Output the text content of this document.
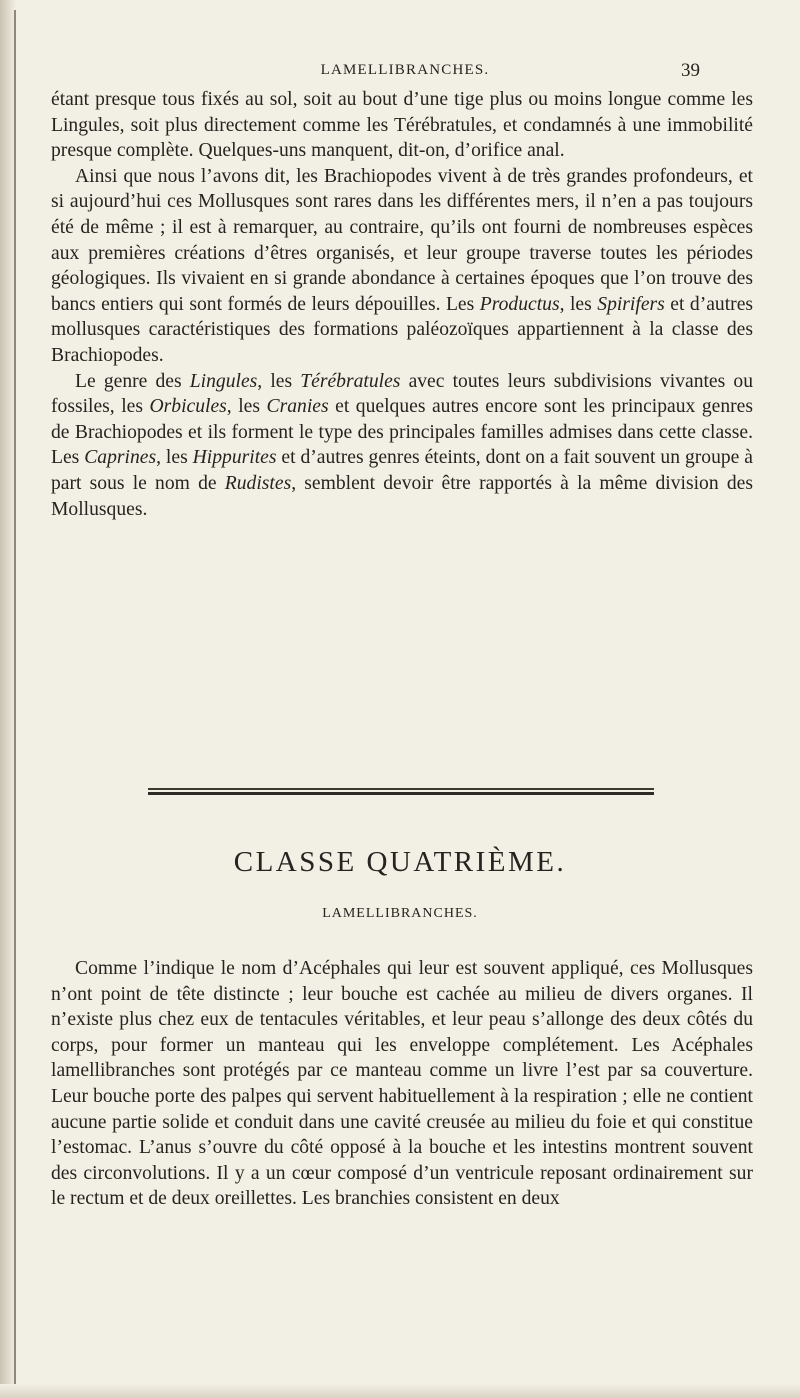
LAMELLIBRANCHES.	39

étant presque tous fixés au sol, soit au bout d’une tige plus ou moins longue comme les Lingules, soit plus directement comme les Térébratules, et condamnés à une immobilité presque complète. Quelques-uns manquent, dit-on, d’orifice anal.

Ainsi que nous l’avons dit, les Brachiopodes vivent à de très grandes profondeurs, et si aujourd’hui ces Mollusques sont rares dans les différentes mers, il n’en a pas toujours été de même ; il est à remarquer, au contraire, qu’ils ont fourni de nombreuses espèces aux premières créations d’êtres organisés, et leur groupe traverse toutes les périodes géologiques. Ils vivaient en si grande abondance à certaines époques que l’on trouve des bancs entiers qui sont formés de leurs dépouilles. Les Productus, les Spirifers et d’autres mollusques caractéristiques des formations paléozoïques appartiennent à la classe des Brachiopodes.

Le genre des Lingules, les Térébratules avec toutes leurs subdivisions vivantes ou fossiles, les Orbicules, les Cranies et quelques autres encore sont les principaux genres de Brachiopodes et ils forment le type des principales familles admises dans cette classe. Les Caprines, les Hippurites et d’autres genres éteints, dont on a fait souvent un groupe à part sous le nom de Rudistes, semblent devoir être rapportés à la même division des Mollusques.

CLASSE QUATRIÈME.
LAMELLIBRANCHES.

Comme l’indique le nom d’Acéphales qui leur est souvent appliqué, ces Mollusques n’ont point de tête distincte ; leur bouche est cachée au milieu de divers organes. Il n’existe plus chez eux de tentacules véritables, et leur peau s’allonge des deux côtés du corps, pour former un manteau qui les enveloppe complétement. Les Acéphales lamellibranches sont protégés par ce manteau comme un livre l’est par sa couverture. Leur bouche porte des palpes qui servent habituellement à la respiration ; elle ne contient aucune partie solide et conduit dans une cavité creusée au milieu du foie et qui constitue l’estomac. L’anus s’ouvre du côté opposé à la bouche et les intestins montrent souvent des circonvolutions. Il y a un cœur composé d’un ventricule reposant ordinairement sur le rectum et de deux oreillettes. Les branchies consistent en deux
